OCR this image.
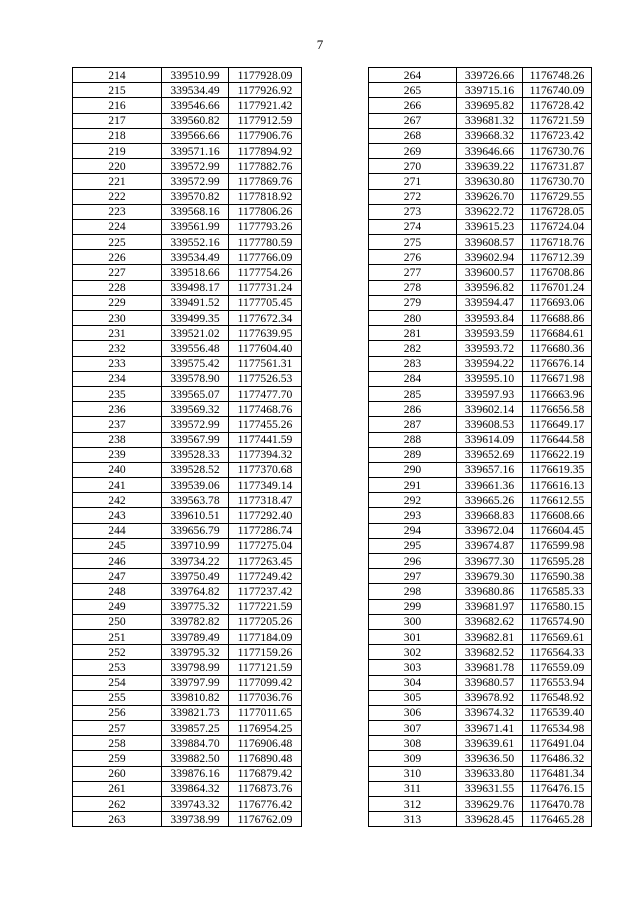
7
214	339510.99	1177928.09
215	339534.49	1177926.92
216	339546.66	1177921.42
217	339560.82	1177912.59
218	339566.66	1177906.76
219	339571.16	1177894.92
220	339572.99	1177882.76
221	339572.99	1177869.76
222	339570.82	1177818.92
223	339568.16	1177806.26
224	339561.99	1177793.26
225	339552.16	1177780.59
226	339534.49	1177766.09
227	339518.66	1177754.26
228	339498.17	1177731.24
229	339491.52	1177705.45
230	339499.35	1177672.34
231	339521.02	1177639.95
232	339556.48	1177604.40
233	339575.42	1177561.31
234	339578.90	1177526.53
235	339565.07	1177477.70
236	339569.32	1177468.76
237	339572.99	1177455.26
238	339567.99	1177441.59
239	339528.33	1177394.32
240	339528.52	1177370.68
241	339539.06	1177349.14
242	339563.78	1177318.47
243	339610.51	1177292.40
244	339656.79	1177286.74
245	339710.99	1177275.04
246	339734.22	1177263.45
247	339750.49	1177249.42
248	339764.82	1177237.42
249	339775.32	1177221.59
250	339782.82	1177205.26
251	339789.49	1177184.09
252	339795.32	1177159.26
253	339798.99	1177121.59
254	339797.99	1177099.42
255	339810.82	1177036.76
256	339821.73	1177011.65
257	339857.25	1176954.25
258	339884.70	1176906.48
259	339882.50	1176890.48
260	339876.16	1176879.42
261	339864.32	1176873.76
262	339743.32	1176776.42
263	339738.99	1176762.09
264	339726.66	1176748.26
265	339715.16	1176740.09
266	339695.82	1176728.42
267	339681.32	1176721.59
268	339668.32	1176723.42
269	339646.66	1176730.76
270	339639.22	1176731.87
271	339630.80	1176730.70
272	339626.70	1176729.55
273	339622.72	1176728.05
274	339615.23	1176724.04
275	339608.57	1176718.76
276	339602.94	1176712.39
277	339600.57	1176708.86
278	339596.82	1176701.24
279	339594.47	1176693.06
280	339593.84	1176688.86
281	339593.59	1176684.61
282	339593.72	1176680.36
283	339594.22	1176676.14
284	339595.10	1176671.98
285	339597.93	1176663.96
286	339602.14	1176656.58
287	339608.53	1176649.17
288	339614.09	1176644.58
289	339652.69	1176622.19
290	339657.16	1176619.35
291	339661.36	1176616.13
292	339665.26	1176612.55
293	339668.83	1176608.66
294	339672.04	1176604.45
295	339674.87	1176599.98
296	339677.30	1176595.28
297	339679.30	1176590.38
298	339680.86	1176585.33
299	339681.97	1176580.15
300	339682.62	1176574.90
301	339682.81	1176569.61
302	339682.52	1176564.33
303	339681.78	1176559.09
304	339680.57	1176553.94
305	339678.92	1176548.92
306	339674.32	1176539.40
307	339671.41	1176534.98
308	339639.61	1176491.04
309	339636.50	1176486.32
310	339633.80	1176481.34
311	339631.55	1176476.15
312	339629.76	1176470.78
313	339628.45	1176465.28
